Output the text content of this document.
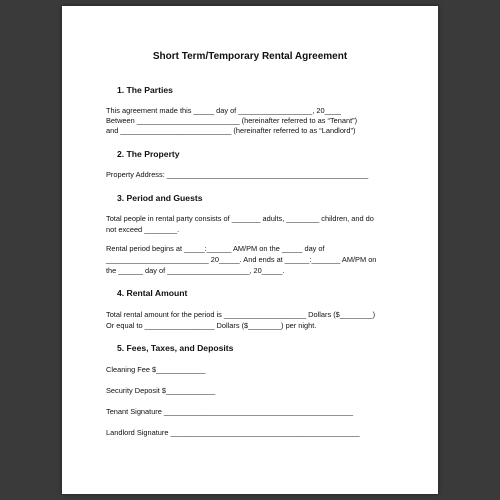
Short Term/Temporary Rental Agreement

1. The Parties

This agreement made this _____ day of __________________, 20____

Between _________________________ (hereinafter referred to as “Tenant”)

and ___________________________ (hereinafter referred to as “Landlord”)

2. The Property

Property Address: _________________________________________________

3. Period and Guests

Total people in rental party consists of _______ adults, ________ children, and do

not exceed ________.

Rental period begins at _____:______ AM/PM on the _____ day of

_________________________ 20_____. And ends at ______:_______ AM/PM on

the ______ day of ____________________, 20_____.

4. Rental Amount

Total rental amount for the period is ____________________ Dollars ($________)

Or equal to _________________ Dollars ($________) per night.

5. Fees, Taxes, and Deposits

Cleaning Fee $____________

Security Deposit $____________

Tenant Signature ______________________________________________

Landlord Signature ______________________________________________
